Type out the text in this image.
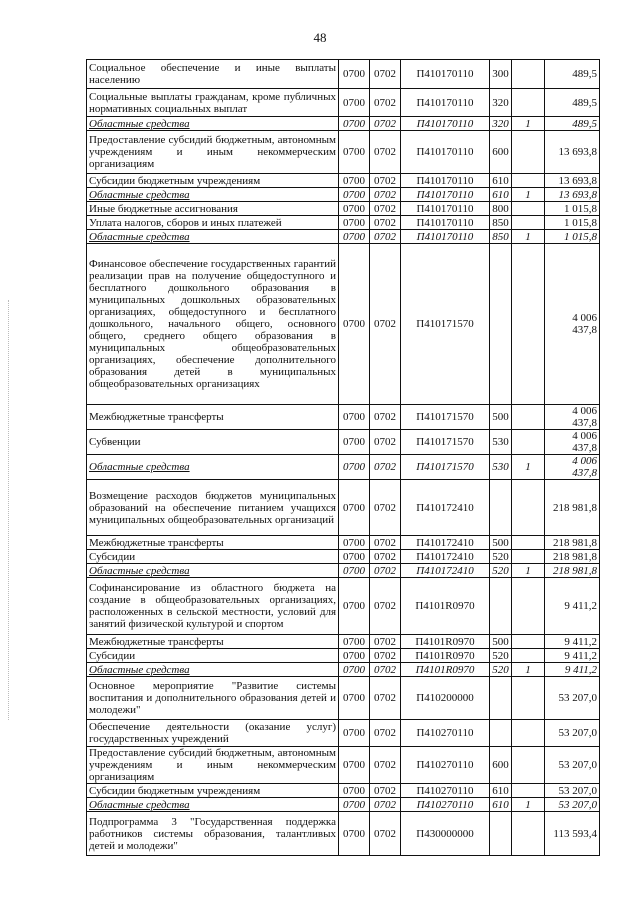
48
Социальное обеспечение и иные выплаты населению	0700	0702	П410170110	300		489,5
Социальные выплаты гражданам, кроме публичных нормативных социальных выплат	0700	0702	П410170110	320		489,5
Областные средства	0700	0702	П410170110	320	1	489,5
Предоставление субсидий бюджетным, автономным учреждениям и иным некоммерческим организациям	0700	0702	П410170110	600		13 693,8
Субсидии бюджетным учреждениям	0700	0702	П410170110	610		13 693,8
Областные средства	0700	0702	П410170110	610	1	13 693,8
Иные бюджетные ассигнования	0700	0702	П410170110	800		1 015,8
Уплата налогов, сборов и иных платежей	0700	0702	П410170110	850		1 015,8
Областные средства	0700	0702	П410170110	850	1	1 015,8
Финансовое обеспечение государственных гарантий реализации прав на получение общедоступного и бесплатного дошкольного образования в муниципальных дошкольных образовательных организациях, общедоступного и бесплатного дошкольного, начального общего, основного общего, среднего общего образования в муниципальных общеобразовательных организациях, обеспечение дополнительного образования детей в муниципальных общеобразовательных организациях	0700	0702	П410171570			4 006 437,8
Межбюджетные трансферты	0700	0702	П410171570	500		4 006 437,8
Субвенции	0700	0702	П410171570	530		4 006 437,8
Областные средства	0700	0702	П410171570	530	1	4 006 437,8
Возмещение расходов бюджетов муниципальных образований на обеспечение питанием учащихся муниципальных общеобразовательных организаций	0700	0702	П410172410			218 981,8
Межбюджетные трансферты	0700	0702	П410172410	500		218 981,8
Субсидии	0700	0702	П410172410	520		218 981,8
Областные средства	0700	0702	П410172410	520	1	218 981,8
Софинансирование из областного бюджета на создание в общеобразовательных организациях, расположенных в сельской местности, условий для занятий физической культурой и спортом	0700	0702	П4101R0970			9 411,2
Межбюджетные трансферты	0700	0702	П4101R0970	500		9 411,2
Субсидии	0700	0702	П4101R0970	520		9 411,2
Областные средства	0700	0702	П4101R0970	520	1	9 411,2
Основное мероприятие "Развитие системы воспитания и дополнительного образования детей и молодежи"	0700	0702	П410200000			53 207,0
Обеспечение деятельности (оказание услуг) государственных учреждений	0700	0702	П410270110			53 207,0
Предоставление субсидий бюджетным, автономным учреждениям и иным некоммерческим организациям	0700	0702	П410270110	600		53 207,0
Субсидии бюджетным учреждениям	0700	0702	П410270110	610		53 207,0
Областные средства	0700	0702	П410270110	610	1	53 207,0
Подпрограмма 3 "Государственная поддержка работников системы образования, талантливых детей и молодежи"	0700	0702	П430000000			113 593,4
